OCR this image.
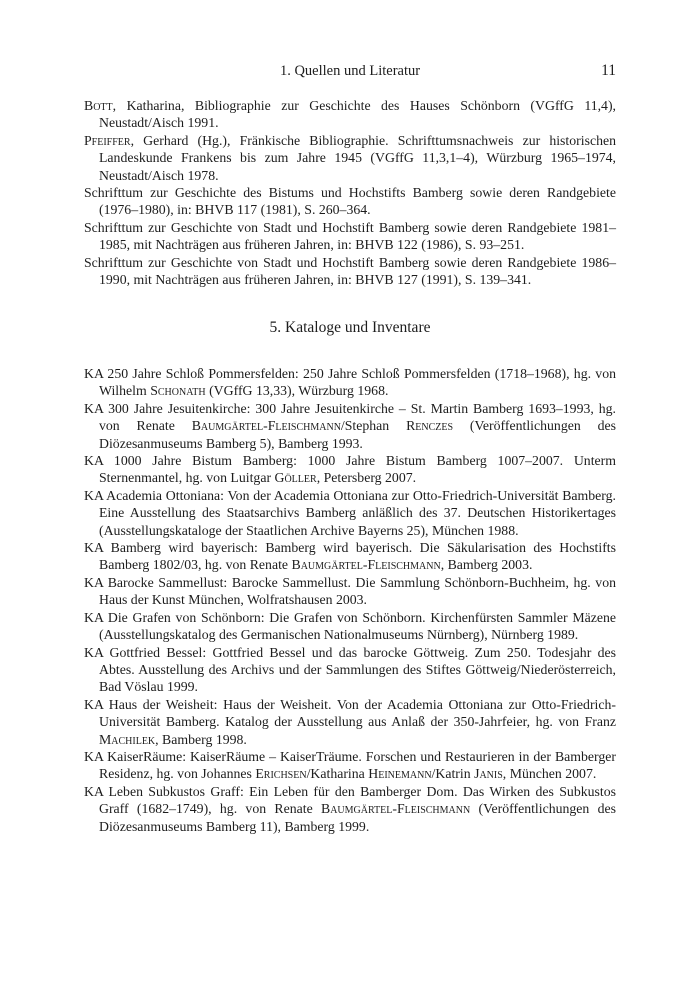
1. Quellen und Literatur	11

Bott, Katharina, Bibliographie zur Geschichte des Hauses Schönborn (VGffG 11,4), Neustadt/Aisch 1991.

Pfeiffer, Gerhard (Hg.), Fränkische Bibliographie. Schrifttumsnachweis zur historischen Landeskunde Frankens bis zum Jahre 1945 (VGffG 11,3,1–4), Würzburg 1965–1974, Neustadt/Aisch 1978.

Schrifttum zur Geschichte des Bistums und Hochstifts Bamberg sowie deren Randgebiete (1976–1980), in: BHVB 117 (1981), S. 260–364.

Schrifttum zur Geschichte von Stadt und Hochstift Bamberg sowie deren Randgebiete 1981–1985, mit Nachträgen aus früheren Jahren, in: BHVB 122 (1986), S. 93–251.

Schrifttum zur Geschichte von Stadt und Hochstift Bamberg sowie deren Randgebiete 1986–1990, mit Nachträgen aus früheren Jahren, in: BHVB 127 (1991), S. 139–341.

5. Kataloge und Inventare

KA 250 Jahre Schloß Pommersfelden: 250 Jahre Schloß Pommersfelden (1718–1968), hg. von Wilhelm Schonath (VGffG 13,33), Würzburg 1968.

KA 300 Jahre Jesuitenkirche: 300 Jahre Jesuitenkirche – St. Martin Bamberg 1693–1993, hg. von Renate Baumgärtel-Fleischmann/Stephan Renczes (Veröffentlichungen des Diözesanmuseums Bamberg 5), Bamberg 1993.

KA 1000 Jahre Bistum Bamberg: 1000 Jahre Bistum Bamberg 1007–2007. Unterm Sternenmantel, hg. von Luitgar Göller, Petersberg 2007.

KA Academia Ottoniana: Von der Academia Ottoniana zur Otto-Friedrich-Universität Bamberg. Eine Ausstellung des Staatsarchivs Bamberg anläßlich des 37. Deutschen Historikertages (Ausstellungskataloge der Staatlichen Archive Bayerns 25), München 1988.

KA Bamberg wird bayerisch: Bamberg wird bayerisch. Die Säkularisation des Hochstifts Bamberg 1802/03, hg. von Renate Baumgärtel-Fleischmann, Bamberg 2003.

KA Barocke Sammellust: Barocke Sammellust. Die Sammlung Schönborn-Buchheim, hg. von Haus der Kunst München, Wolfratshausen 2003.

KA Die Grafen von Schönborn: Die Grafen von Schönborn. Kirchenfürsten Sammler Mäzene (Ausstellungskatalog des Germanischen Nationalmuseums Nürnberg), Nürnberg 1989.

KA Gottfried Bessel: Gottfried Bessel und das barocke Göttweig. Zum 250. Todesjahr des Abtes. Ausstellung des Archivs und der Sammlungen des Stiftes Göttweig/Niederösterreich, Bad Vöslau 1999.

KA Haus der Weisheit: Haus der Weisheit. Von der Academia Ottoniana zur Otto-Friedrich-Universität Bamberg. Katalog der Ausstellung aus Anlaß der 350-Jahrfeier, hg. von Franz Machilek, Bamberg 1998.

KA KaiserRäume: KaiserRäume – KaiserTräume. Forschen und Restaurieren in der Bamberger Residenz, hg. von Johannes Erichsen/Katharina Heinemann/Katrin Janis, München 2007.

KA Leben Subkustos Graff: Ein Leben für den Bamberger Dom. Das Wirken des Subkustos Graff (1682–1749), hg. von Renate Baumgärtel-Fleischmann (Veröffentlichungen des Diözesanmuseums Bamberg 11), Bamberg 1999.
